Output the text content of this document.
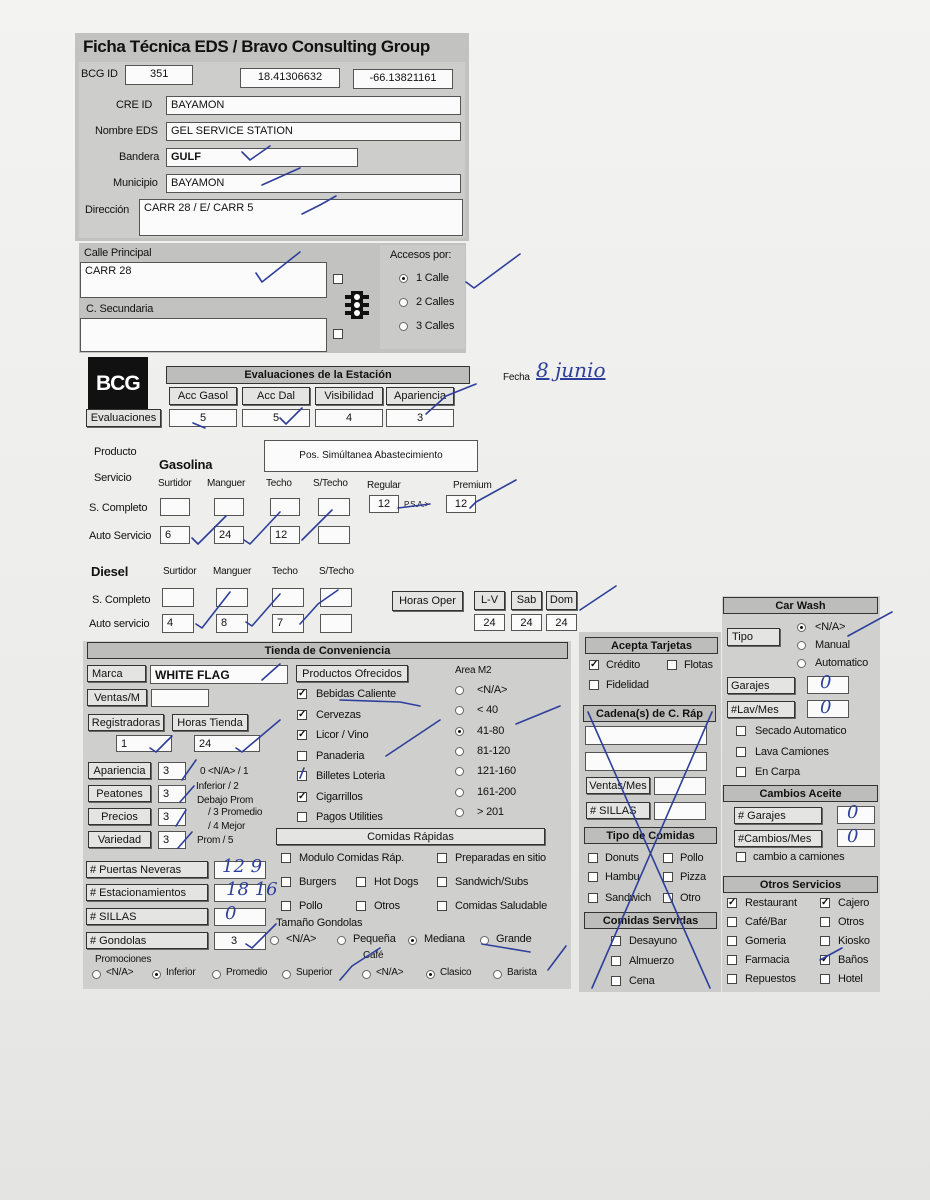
Ficha Técnica EDS / Bravo Consulting Group
BCG ID	351	18.41306632	-66.13821161
CRE ID	BAYAMON
Nombre EDS	GEL SERVICE STATION
Bandera	GULF
Municipio	BAYAMON
Dirección	CARR 28 / E/ CARR 5
Calle Principal
CARR 28
C. Secundaria
Accesos por:
1 Calle
2 Calles
3 Calles
BCG	Evaluaciones de la Estación
Evaluaciones
Acc Gasol
5
Acc Dal
5
Visibilidad
4
Apariencia
3
Fecha 8 junio
Producto
Servicio
Gasolina
Surtidor Manguer Techo S/Techo
Pos. Simúltanea Abastecimiento
Regular	Premium
12	P.S.A.>	12
S. Completo
Auto Servicio	6	24	12
Diesel	Surtidor Manguer Techo S/Techo
S. Completo
Auto servicio	4	8	7
Horas Oper	L-V
24
Sab
24
Dom
24
Tienda de Conveniencia
Marca	WHITE FLAG
Ventas/M
Registradoras	Horas Tienda
1	24
Apariencia	3
Peatones	3
Precios	3
Variedad	3
0 <N/A> / 1
Inferior / 2
Debajo Prom
/ 3 Promedio
/ 4 Mejor
Prom / 5
# Puertas Neveras	12 9
# Estacionamientos	18 16
# SILLAS	0
# Gondolas	3
Tamaño Gondolas
<N/A>	Pequeña	Mediana	Grande
Promociones
<N/A>	Inferior	Promedio	Superior
Café
<N/A>	Clasico	Barista
Productos Ofrecidos
✓ Bebidas Caliente
✓ Cervezas
✓ Licor / Vino
Panaderia
Billetes Loteria
✓ Cigarrillos
Pagos Utilities
Area M2
<N/A>
< 40
41-80
81-120
121-160
161-200
> 201
Comidas Rápidas
Modulo Comidas Ráp.	Preparadas en sitio
Burgers	Hot Dogs	Sandwich/Subs
Pollo	Otros	Comidas Saludable
Acepta Tarjetas
✓ Crédito	Flotas
Fidelidad
Cadena(s) de C. Ráp
Ventas/Mes
# SILLAS
Tipo de Comidas
Donuts	Pollo
Hambu	Pizza
Sandwich	Otro
Comidas Servidas
Desayuno
Almuerzo
Cena
Car Wash
Tipo
<N/A>
Manual
Automatico
Garajes	0
#Lav/Mes	0
Secado Automatico
Lava Camiones
En Carpa
Cambios Aceite
# Garajes	0
#Cambios/Mes	0
cambio a camiones
Otros Servicios
✓ Restaurant ✓ Cajero
Café/Bar	Otros
Gomeria	Kiosko
Farmacia	✓ Baños
Repuestos	Hotel
